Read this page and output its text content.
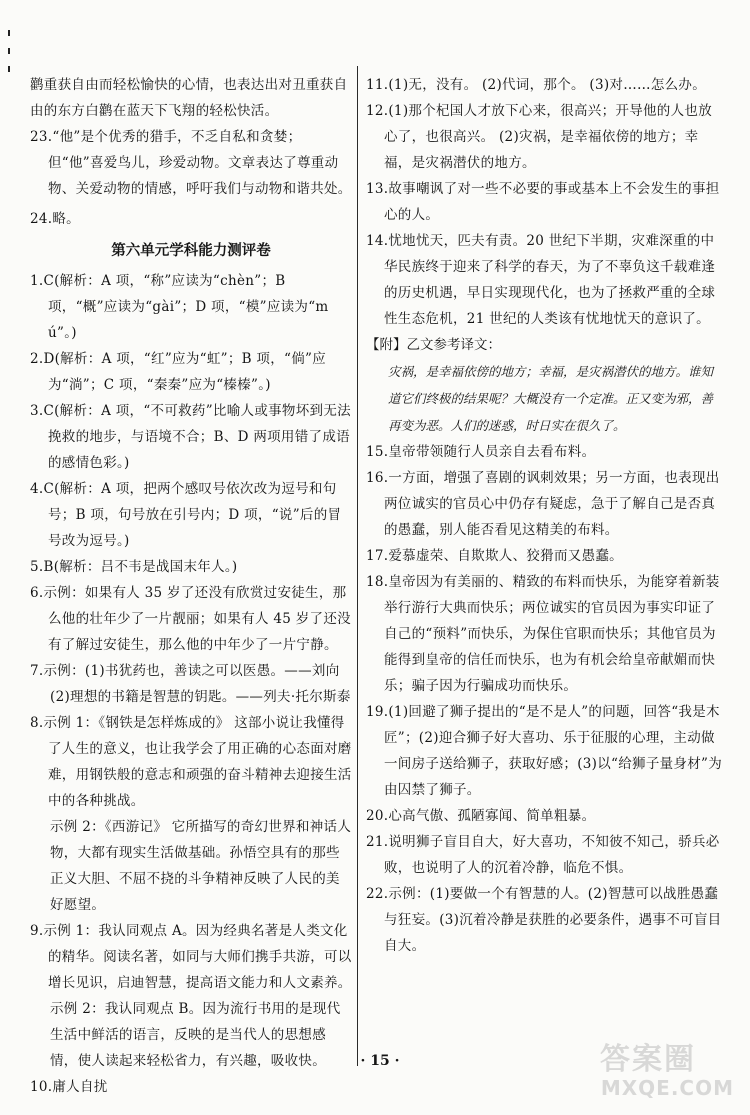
鹳重获自由而轻松愉快的心情，也表达出对丑重获自

由的东方白鹳在蓝天下飞翔的轻松快活。

23.“他”是个优秀的猎手，不乏自私和贪婪；但“他”喜爱鸟儿，珍爱动物。文章表达了尊重动物、关爱动物的情感，呼吁我们与动物和谐共处。

24.略。

第六单元学科能力测评卷

1.C(解析：A 项，“称”应读为“chèn”；B 项，“概”应读为“gài”；D 项，“模”应读为“mú”。)

2.D(解析：A 项，“红”应为“虹”；B 项，“倘”应为“淌”；C 项，“秦秦”应为“榛榛”。)

3.C(解析：A 项，“不可救药”比喻人或事物坏到无法挽救的地步，与语境不合；B、D 两项用错了成语的感情色彩。)

4.C(解析：A 项，把两个感叹号依次改为逗号和句号；B 项，句号放在引号内；D 项，“说”后的冒号改为逗号。)

5.B(解析：吕不韦是战国末年人。)

6.示例：如果有人 35 岁了还没有欣赏过安徒生，那么他的壮年少了一片靓丽；如果有人 45 岁了还没有了解过安徒生，那么他的中年少了一片宁静。

7.示例：(1)书犹药也，善读之可以医愚。——刘向

(2)理想的书籍是智慧的钥匙。——列夫·托尔斯泰

8.示例 1：《钢铁是怎样炼成的》 这部小说让我懂得了人生的意义，也让我学会了用正确的心态面对磨难，用钢铁般的意志和顽强的奋斗精神去迎接生活中的各种挑战。

示例 2：《西游记》 它所描写的奇幻世界和神话人物，大都有现实生活做基础。孙悟空具有的那些正义大胆、不屈不挠的斗争精神反映了人民的美好愿望。

9.示例 1：我认同观点 A。因为经典名著是人类文化的精华。阅读名著，如同与大师们携手共游，可以增长见识，启迪智慧，提高语文能力和人文素养。

示例 2：我认同观点 B。因为流行书用的是现代生活中鲜活的语言，反映的是当代人的思想感情，使人读起来轻松省力，有兴趣，吸收快。

10.庸人自扰

11.(1)无，没有。 (2)代词，那个。 (3)对……怎么办。

12.(1)那个杞国人才放下心来，很高兴；开导他的人也放心了，也很高兴。 (2)灾祸，是幸福依傍的地方；幸福，是灾祸潜伏的地方。

13.故事嘲讽了对一些不必要的事或基本上不会发生的事担心的人。

14.忧地忧天，匹夫有责。20 世纪下半期，灾难深重的中华民族终于迎来了科学的春天，为了不辜负这千载难逢的历史机遇，早日实现现代化，也为了拯救严重的全球性生态危机，21 世纪的人类该有忧地忧天的意识了。

【附】乙文参考译文：

灾祸，是幸福依傍的地方；幸福，是灾祸潜伏的地方。谁知道它们终极的结果呢？大概没有一个定准。正又变为邪，善再变为恶。人们的迷惑，时日实在很久了。

15.皇帝带领随行人员亲自去看布料。

16.一方面，增强了喜剧的讽刺效果；另一方面，也表现出两位诚实的官员心中仍存有疑虑，急于了解自己是否真的愚蠢，别人能否看见这精美的布料。

17.爱慕虚荣、自欺欺人、狡猾而又愚蠢。

18.皇帝因为有美丽的、精致的布料而快乐，为能穿着新装举行游行大典而快乐；两位诚实的官员因为事实印证了自己的“预料”而快乐，为保住官职而快乐；其他官员为能得到皇帝的信任而快乐，也为有机会给皇帝献媚而快乐；骗子因为行骗成功而快乐。

19.(1)回避了狮子提出的“是不是人”的问题，回答“我是木匠”；(2)迎合狮子好大喜功、乐于征服的心理，主动做一间房子送给狮子，获取好感；(3)以“给狮子量身材”为由囚禁了狮子。

20.心高气傲、孤陋寡闻、简单粗暴。

21.说明狮子盲目自大，好大喜功，不知彼不知己，骄兵必败，也说明了人的沉着冷静，临危不惧。

22.示例：(1)要做一个有智慧的人。(2)智慧可以战胜愚蠢与狂妄。(3)沉着冷静是获胜的必要条件，遇事不可盲目自大。

· 15 ·	答案圈
MXQE.COM
